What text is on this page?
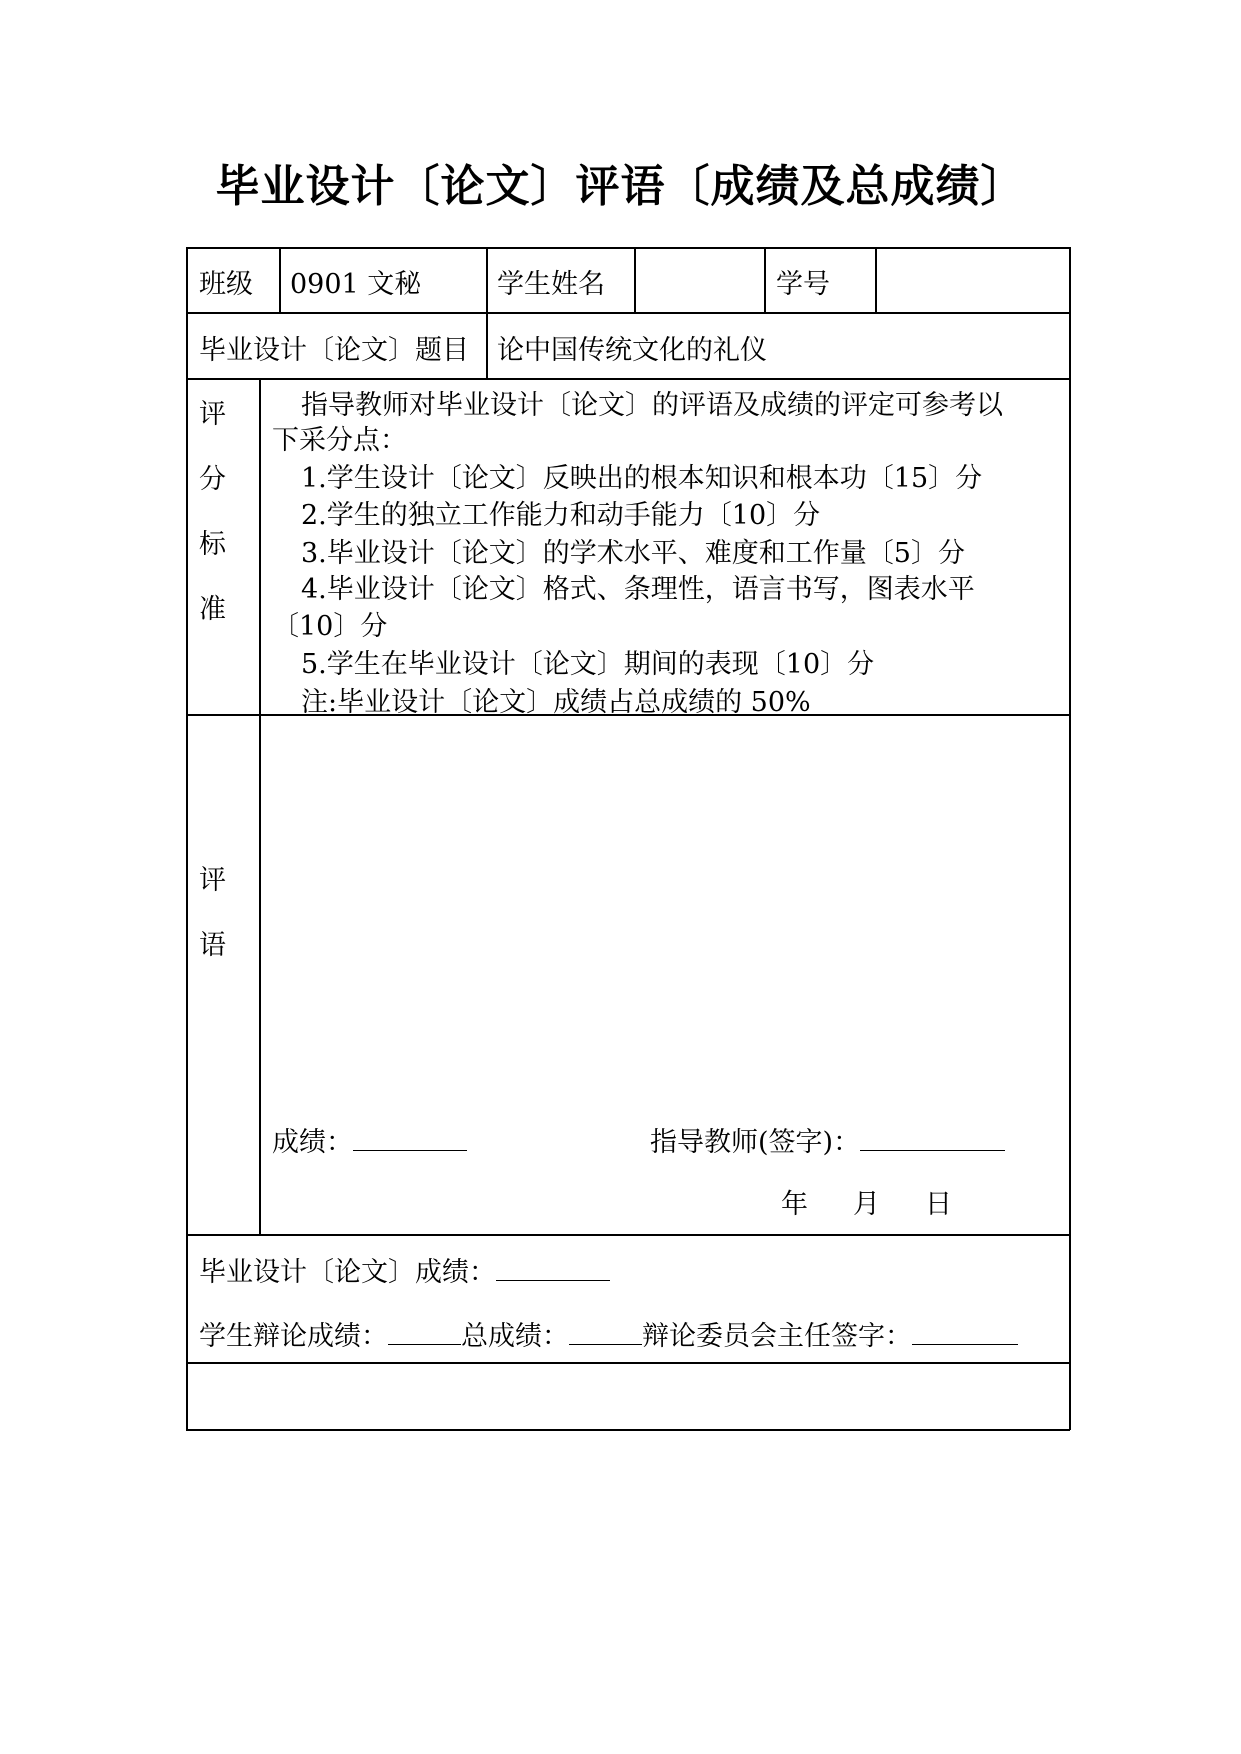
毕业设计〔论文〕评语〔成绩及总成绩〕
班级 0901 文秘	学生姓名	学号
毕业设计〔论文〕题目 论中国传统文化的礼仪
评
分
标
准
指导教师对毕业设计〔论文〕的评语及成绩的评定可参考以
下采分点：
1.学生设计〔论文〕反映出的根本知识和根本功〔15〕分
2.学生的独立工作能力和动手能力〔10〕分
3.毕业设计〔论文〕的学术水平、难度和工作量〔5〕分
4.毕业设计〔论文〕格式、条理性，语言书写，图表水平
〔10〕分
5.学生在毕业设计〔论文〕期间的表现〔10〕分
注:毕业设计〔论文〕成绩占总成绩的 50%
评
语
成绩：	指导教师(签字)：
年 月 日
毕业设计〔论文〕成绩：
学生辩论成绩：	总成绩：	辩论委员会主任签字：
